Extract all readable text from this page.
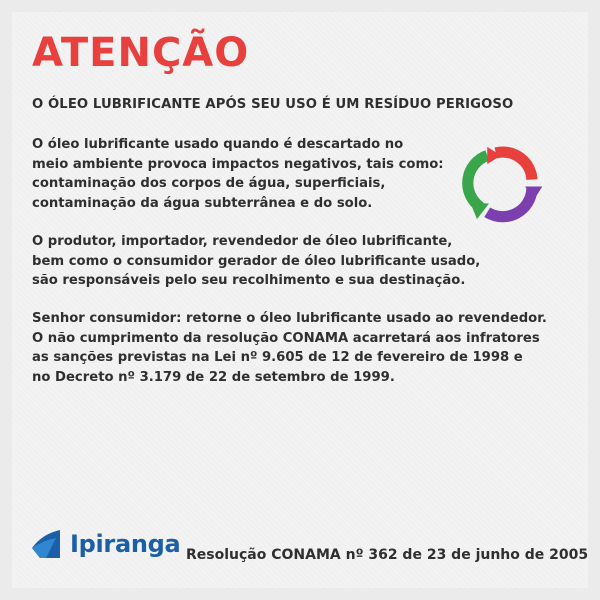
ATENÇÃO
O ÓLEO LUBRIFICANTE APÓS SEU USO É UM RESÍDUO PERIGOSO
O óleo lubrificante usado quando é descartado no
meio ambiente provoca impactos negativos, tais como:
contaminação dos corpos de água, superficiais,
contaminação da água subterrânea e do solo.
O produtor, importador, revendedor de óleo lubrificante,
bem como o consumidor gerador de óleo lubrificante usado,
são responsáveis pelo seu recolhimento e sua destinação.
Senhor consumidor: retorne o óleo lubrificante usado ao revendedor.
O não cumprimento da resolução CONAMA acarretará aos infratores
as sanções previstas na Lei nº 9.605 de 12 de fevereiro de 1998 e
no Decreto nº 3.179 de 22 de setembro de 1999.
Ipiranga Resolução CONAMA nº 362 de 23 de junho de 2005
